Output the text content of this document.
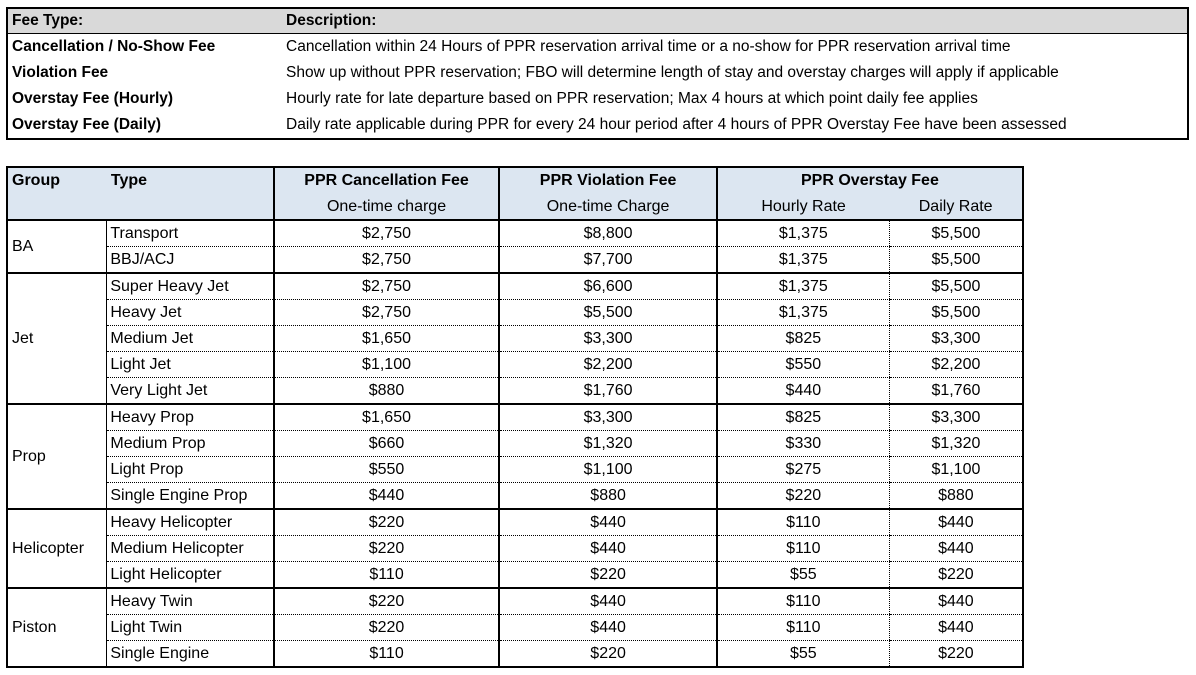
Fee Type:	Description:
Cancellation / No-Show Fee	Cancellation within 24 Hours of PPR reservation arrival time or a no-show for PPR reservation arrival time
Violation Fee	Show up without PPR reservation; FBO will determine length of stay and overstay charges will apply if applicable
Overstay Fee (Hourly)	Hourly rate for late departure based on PPR reservation; Max 4 hours at which point daily fee applies
Overstay Fee (Daily)	Daily rate applicable during PPR for every 24 hour period after 4 hours of PPR Overstay Fee have been assessed
Group	Type	PPR Cancellation Fee	PPR Violation Fee	PPR Overstay Fee	
		One-time charge	One-time Charge	Hourly Rate	Daily Rate
BA	Transport	$2,750	$8,800	$1,375	$5,500
	BBJ/ACJ	$2,750	$7,700	$1,375	$5,500
Jet	Super Heavy Jet	$2,750	$6,600	$1,375	$5,500
	Heavy Jet	$2,750	$5,500	$1,375	$5,500
	Medium Jet	$1,650	$3,300	$825	$3,300
	Light Jet	$1,100	$2,200	$550	$2,200
	Very Light Jet	$880	$1,760	$440	$1,760
Prop	Heavy Prop	$1,650	$3,300	$825	$3,300
	Medium Prop	$660	$1,320	$330	$1,320
	Light Prop	$550	$1,100	$275	$1,100
	Single Engine Prop	$440	$880	$220	$880
Helicopter	Heavy Helicopter	$220	$440	$110	$440
	Medium Helicopter	$220	$440	$110	$440
	Light Helicopter	$110	$220	$55	$220
Piston	Heavy Twin	$220	$440	$110	$440
	Light Twin	$220	$440	$110	$440
	Single Engine	$110	$220	$55	$220
